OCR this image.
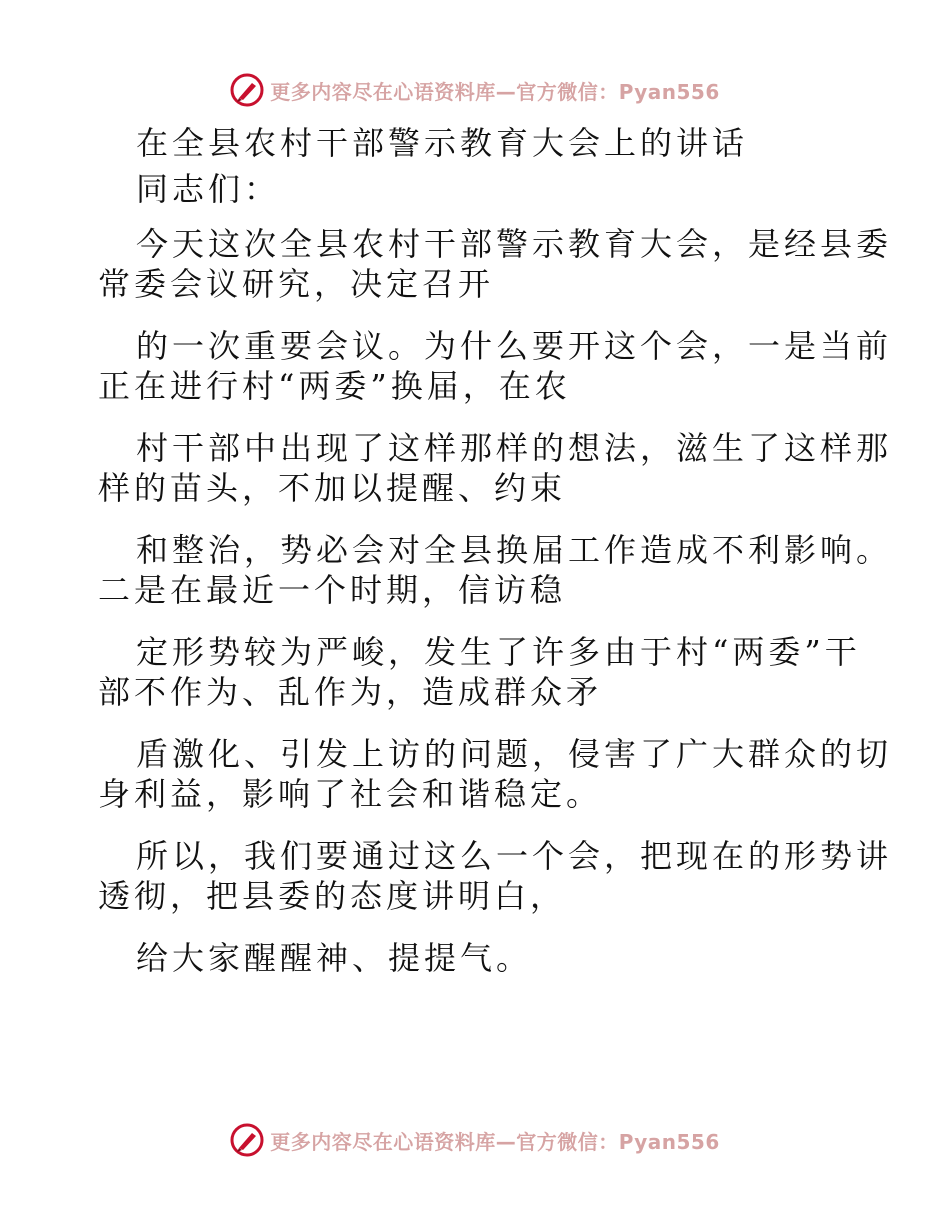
更多内容尽在心语资料库—官方微信：Pyan556
在全县农村干部警示教育大会上的讲话
同志们：
今天这次全县农村干部警示教育大会，是经县委
常委会议研究，决定召开
的一次重要会议。为什么要开这个会，一是当前
正在进行村“两委”换届，在农
村干部中出现了这样那样的想法，滋生了这样那
样的苗头，不加以提醒、约束
和整治，势必会对全县换届工作造成不利影响。
二是在最近一个时期，信访稳
定形势较为严峻，发生了许多由于村“两委”干
部不作为、乱作为，造成群众矛
盾激化、引发上访的问题，侵害了广大群众的切
身利益，影响了社会和谐稳定。
所以，我们要通过这么一个会，把现在的形势讲
透彻，把县委的态度讲明白，
给大家醒醒神、提提气。
更多内容尽在心语资料库—官方微信：Pyan556
